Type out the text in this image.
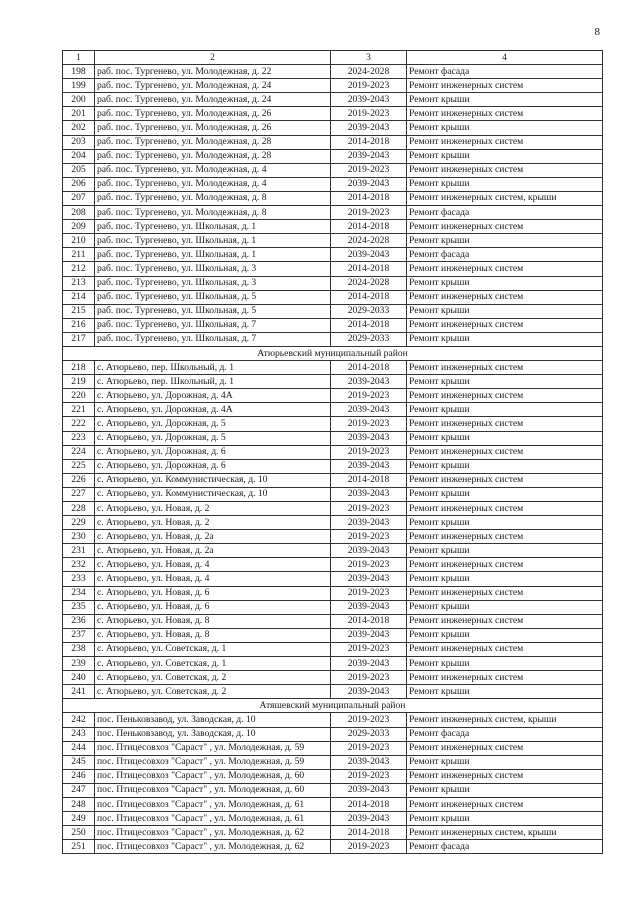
8
1	2	3	4
198	раб. пос. Тургенево, ул. Молодежная, д. 22	2024-2028	Ремонт фасада
199	раб. пос. Тургенево, ул. Молодежная, д. 24	2019-2023	Ремонт инженерных систем
200	раб. пос. Тургенево, ул. Молодежная, д. 24	2039-2043	Ремонт крыши
201	раб. пос. Тургенево, ул. Молодежная, д. 26	2019-2023	Ремонт инженерных систем
202	раб. пос. Тургенево, ул. Молодежная, д. 26	2039-2043	Ремонт крыши
203	раб. пос. Тургенево, ул. Молодежная, д. 28	2014-2018	Ремонт инженерных систем
204	раб. пос. Тургенево, ул. Молодежная, д. 28	2039-2043	Ремонт крыши
205	раб. пос. Тургенево, ул. Молодежная, д. 4	2019-2023	Ремонт инженерных систем
206	раб. пос. Тургенево, ул. Молодежная, д. 4	2039-2043	Ремонт крыши
207	раб. пос. Тургенево, ул. Молодежная, д. 8	2014-2018	Ремонт инженерных систем, крыши
208	раб. пос. Тургенево, ул. Молодежная, д. 8	2019-2023	Ремонт фасада
209	раб. пос. Тургенево, ул. Школьная, д. 1	2014-2018	Ремонт инженерных систем
210	раб. пос. Тургенево, ул. Школьная, д. 1	2024-2028	Ремонт крыши
211	раб. пос. Тургенево, ул. Школьная, д. 1	2039-2043	Ремонт фасада
212	раб. пос. Тургенево, ул. Школьная, д. 3	2014-2018	Ремонт инженерных систем
213	раб. пос. Тургенево, ул. Школьная, д. 3	2024-2028	Ремонт крыши
214	раб. пос. Тургенево, ул. Школьная, д. 5	2014-2018	Ремонт инженерных систем
215	раб. пос. Тургенево, ул. Школьная, д. 5	2029-2033	Ремонт крыши
216	раб. пос. Тургенево, ул. Школьная, д. 7	2014-2018	Ремонт инженерных систем
217	раб. пос. Тургенево, ул. Школьная, д. 7	2029-2033	Ремонт крыши
Атюрьевский муниципальный район			
218	с. Атюрьево, пер. Школьный, д. 1	2014-2018	Ремонт инженерных систем
219	с. Атюрьево, пер. Школьный, д. 1	2039-2043	Ремонт крыши
220	с. Атюрьево, ул. Дорожная, д. 4А	2019-2023	Ремонт инженерных систем
221	с. Атюрьево, ул. Дорожная, д. 4А	2039-2043	Ремонт крыши
222	с. Атюрьево, ул. Дорожная, д. 5	2019-2023	Ремонт инженерных систем
223	с. Атюрьево, ул. Дорожная, д. 5	2039-2043	Ремонт крыши
224	с. Атюрьево, ул. Дорожная, д. 6	2019-2023	Ремонт инженерных систем
225	с. Атюрьево, ул. Дорожная, д. 6	2039-2043	Ремонт крыши
226	с. Атюрьево, ул. Коммунистическая, д. 10	2014-2018	Ремонт инженерных систем
227	с. Атюрьево, ул. Коммунистическая, д. 10	2039-2043	Ремонт крыши
228	с. Атюрьево, ул. Новая, д. 2	2019-2023	Ремонт инженерных систем
229	с. Атюрьево, ул. Новая, д. 2	2039-2043	Ремонт крыши
230	с. Атюрьево, ул. Новая, д. 2а	2019-2023	Ремонт инженерных систем
231	с. Атюрьево, ул. Новая, д. 2а	2039-2043	Ремонт крыши
232	с. Атюрьево, ул. Новая, д. 4	2019-2023	Ремонт инженерных систем
233	с. Атюрьево, ул. Новая, д. 4	2039-2043	Ремонт крыши
234	с. Атюрьево, ул. Новая, д. 6	2019-2023	Ремонт инженерных систем
235	с. Атюрьево, ул. Новая, д. 6	2039-2043	Ремонт крыши
236	с. Атюрьево, ул. Новая, д. 8	2014-2018	Ремонт инженерных систем
237	с. Атюрьево, ул. Новая, д. 8	2039-2043	Ремонт крыши
238	с. Атюрьево, ул. Советская, д. 1	2019-2023	Ремонт инженерных систем
239	с. Атюрьево, ул. Советская, д. 1	2039-2043	Ремонт крыши
240	с. Атюрьево, ул. Советская, д. 2	2019-2023	Ремонт инженерных систем
241	с. Атюрьево, ул. Советская, д. 2	2039-2043	Ремонт крыши
Атяшевский муниципальный район			
242	пос. Пеньковзавод, ул. Заводская, д. 10	2019-2023	Ремонт инженерных систем, крыши
243	пос. Пеньковзавод, ул. Заводская, д. 10	2029-2033	Ремонт фасада
244	пос. Птицесовхоз "Сараст" , ул. Молодежная, д. 59	2019-2023	Ремонт инженерных систем
245	пос. Птицесовхоз "Сараст" , ул. Молодежная, д. 59	2039-2043	Ремонт крыши
246	пос. Птицесовхоз "Сараст" , ул. Молодежная, д. 60	2019-2023	Ремонт инженерных систем
247	пос. Птицесовхоз "Сараст" , ул. Молодежная, д. 60	2039-2043	Ремонт крыши
248	пос. Птицесовхоз "Сараст" , ул. Молодежная, д. 61	2014-2018	Ремонт инженерных систем
249	пос. Птицесовхоз "Сараст" , ул. Молодежная, д. 61	2039-2043	Ремонт крыши
250	пос. Птицесовхоз "Сараст" , ул. Молодежная, д. 62	2014-2018	Ремонт инженерных систем, крыши
251	пос. Птицесовхоз "Сараст" , ул. Молодежная, д. 62	2019-2023	Ремонт фасада
